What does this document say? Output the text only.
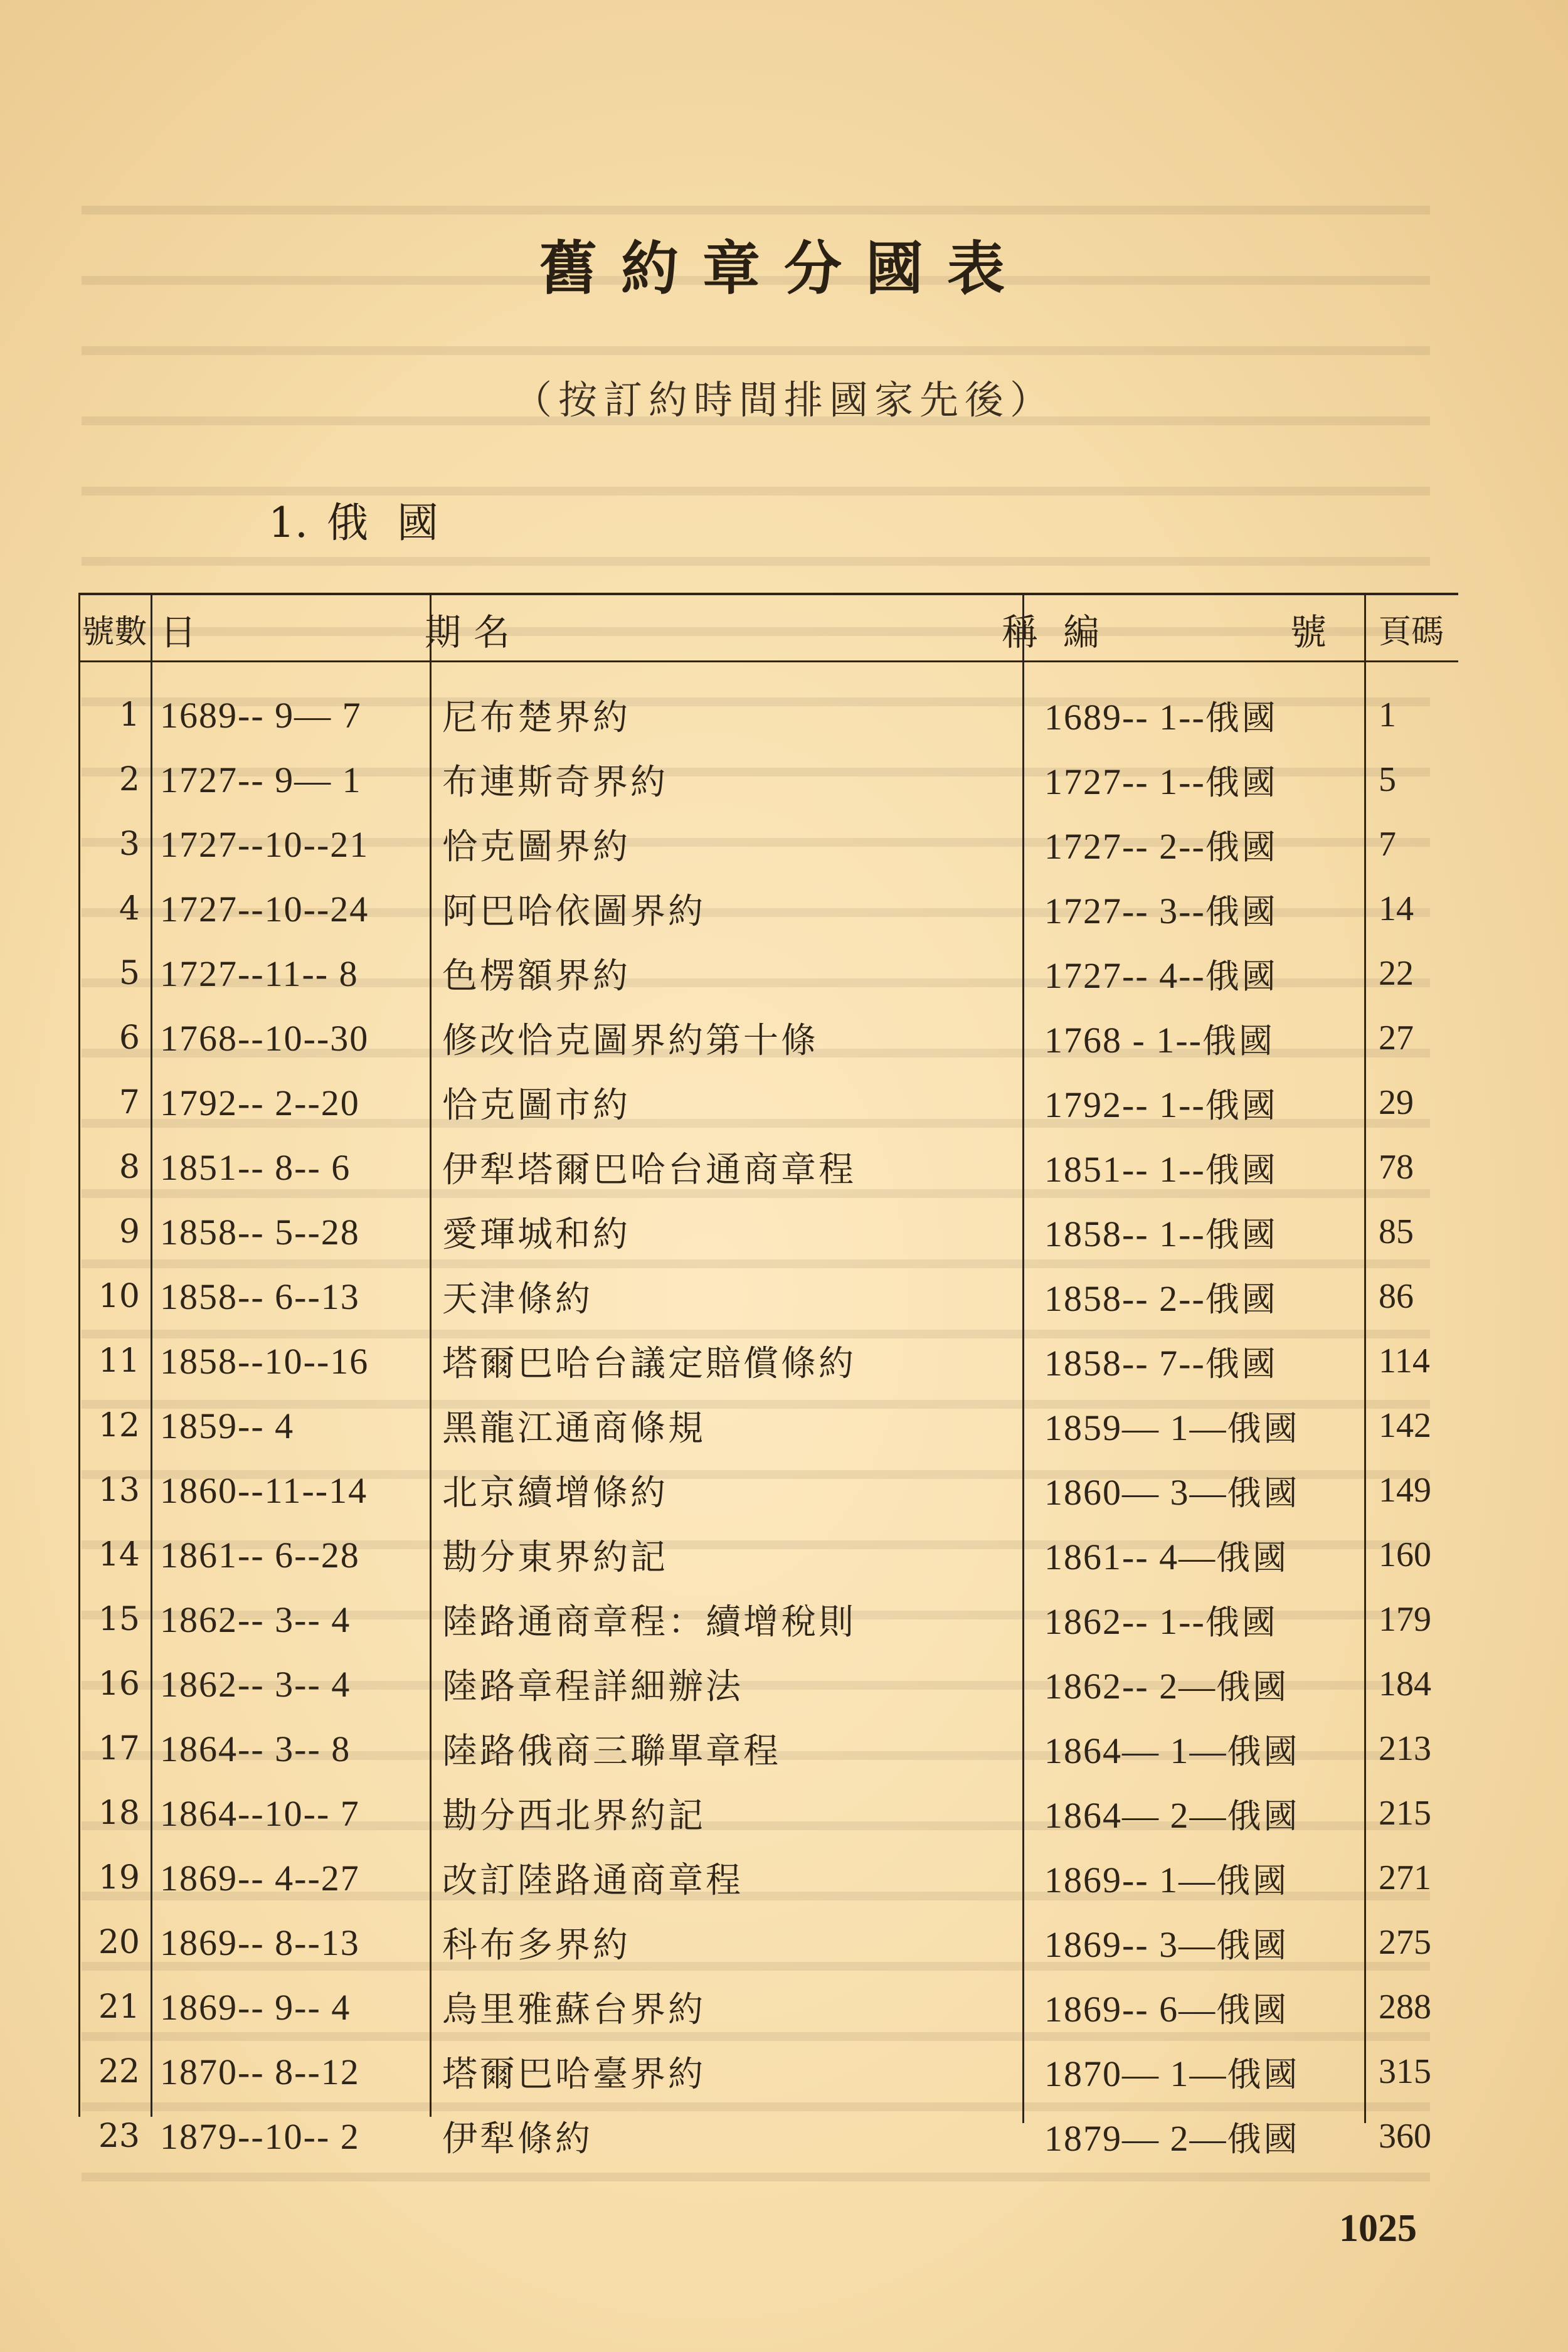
舊約章分國表
（按訂約時間排國家先後）
1. 俄國
號數 日	期 名	稱 編	號	頁碼
1 1689-- 9— 7	尼布楚界約	1689-- 1--俄國	1
2 1727-- 9— 1	布連斯奇界約	1727-- 1--俄國	5
3 1727--10--21	恰克圖界約	1727-- 2--俄國	7
4 1727--10--24	阿巴哈依圖界約	1727-- 3--俄國	14
5 1727--11-- 8	色楞額界約	1727-- 4--俄國	22
6 1768--10--30	修改恰克圖界約第十條	1768 - 1--俄國	27
7 1792-- 2--20	恰克圖市約	1792-- 1--俄國	29
8 1851-- 8-- 6	伊犁塔爾巴哈台通商章程	1851-- 1--俄國	78
9 1858-- 5--28	愛琿城和約	1858-- 1--俄國	85
10 1858-- 6--13	天津條約	1858-- 2--俄國	86
11 1858--10--16	塔爾巴哈台議定賠償條約	1858-- 7--俄國	114
12 1859-- 4	黑龍江通商條規	1859— 1—俄國	142
13 1860--11--14	北京續增條約	1860— 3—俄國	149
14 1861-- 6--28	勘分東界約記	1861-- 4—俄國	160
15 1862-- 3-- 4	陸路通商章程：續增稅則	1862-- 1--俄國	179
16 1862-- 3-- 4	陸路章程詳細辦法	1862-- 2—俄國	184
17 1864-- 3-- 8	陸路俄商三聯單章程	1864— 1—俄國	213
18 1864--10-- 7	勘分西北界約記	1864— 2—俄國	215
19 1869-- 4--27	改訂陸路通商章程	1869-- 1—俄國	271
20 1869-- 8--13	科布多界約	1869-- 3—俄國	275
21 1869-- 9-- 4	烏里雅蘇台界約	1869-- 6—俄國	288
22 1870-- 8--12	塔爾巴哈臺界約	1870— 1—俄國	315
23 1879--10-- 2	伊犁條約	1879— 2—俄國	360
1025
